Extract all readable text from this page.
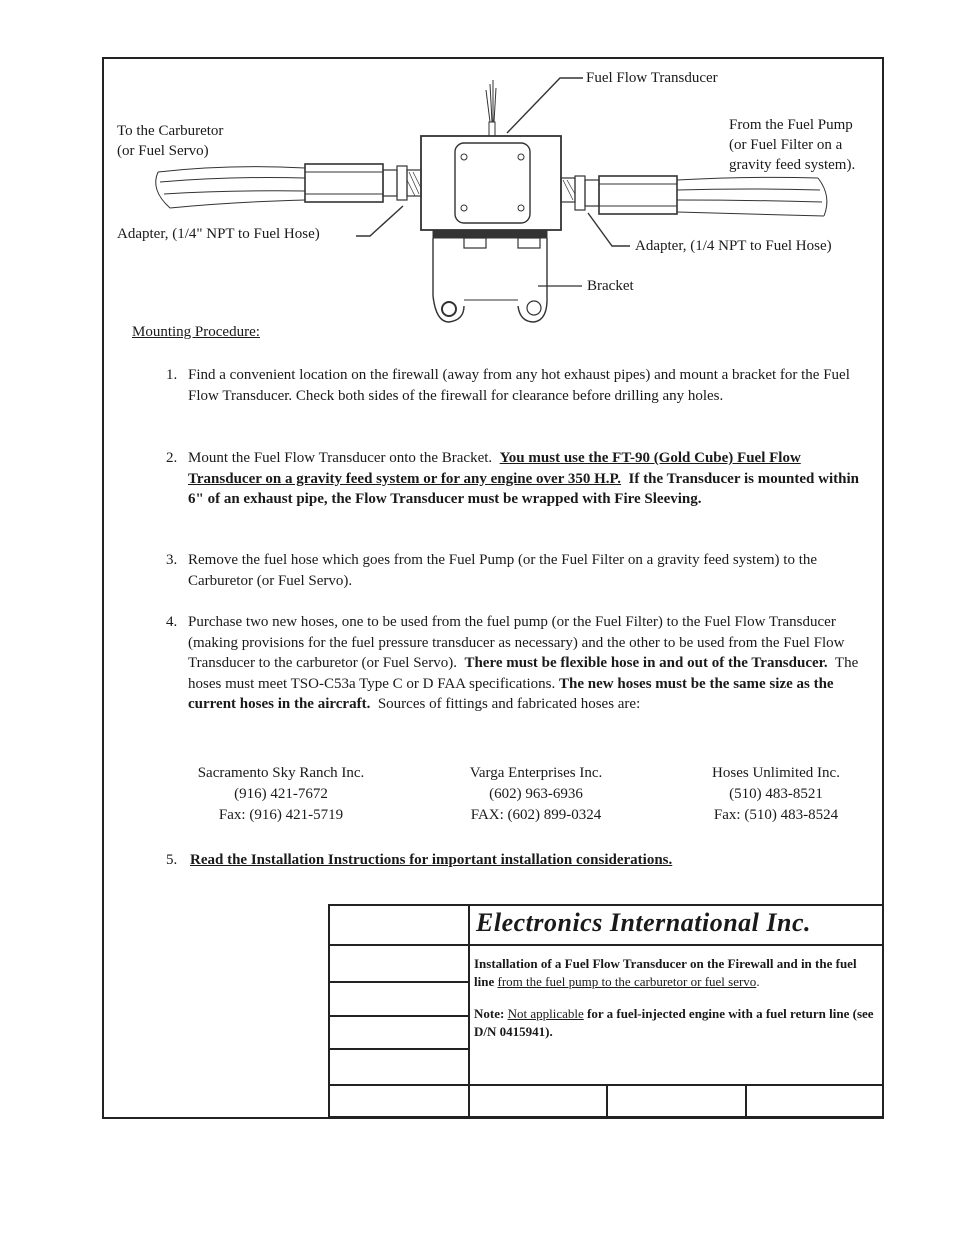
Fuel Flow Transducer
To the Carburetor
(or Fuel Servo)
From the Fuel Pump
(or Fuel Filter on a
gravity feed system).
Adapter, (1/4" NPT to Fuel Hose)
Adapter, (1/4 NPT to Fuel Hose)
Bracket
Mounting Procedure:
1. Find a convenient location on the firewall (away from any hot exhaust pipes) and mount a bracket for the Fuel Flow Transducer. Check both sides of the firewall for clearance before drilling any holes.
2. Mount the Fuel Flow Transducer onto the Bracket. You must use the FT-90 (Gold Cube) Fuel Flow Transducer on a gravity feed system or for any engine over 350 H.P. If the Transducer is mounted within 6" of an exhaust pipe, the Flow Transducer must be wrapped with Fire Sleeving.
3. Remove the fuel hose which goes from the Fuel Pump (or the Fuel Filter on a gravity feed system) to the Carburetor (or Fuel Servo).
4. Purchase two new hoses, one to be used from the fuel pump (or the Fuel Filter) to the Fuel Flow Transducer (making provisions for the fuel pressure transducer as necessary) and the other to be used from the Fuel Flow Transducer to the carburetor (or Fuel Servo). There must be flexible hose in and out of the Transducer. The hoses must meet TSO-C53a Type C or D FAA specifications. The new hoses must be the same size as the current hoses in the aircraft. Sources of fittings and fabricated hoses are:
Sacramento Sky Ranch Inc.
(916) 421-7672
Fax: (916) 421-5719
Varga Enterprises Inc.
(602) 963-6936
FAX: (602) 899-0324
Hoses Unlimited Inc.
(510) 483-8521
Fax: (510) 483-8524
5. Read the Installation Instructions for important installation considerations.
Electronics International Inc.
Installation of a Fuel Flow Transducer on the Firewall and in the fuel line from the fuel pump to the carburetor or fuel servo.
Note: Not applicable for a fuel-injected engine with a fuel return line (see D/N 0415941).
